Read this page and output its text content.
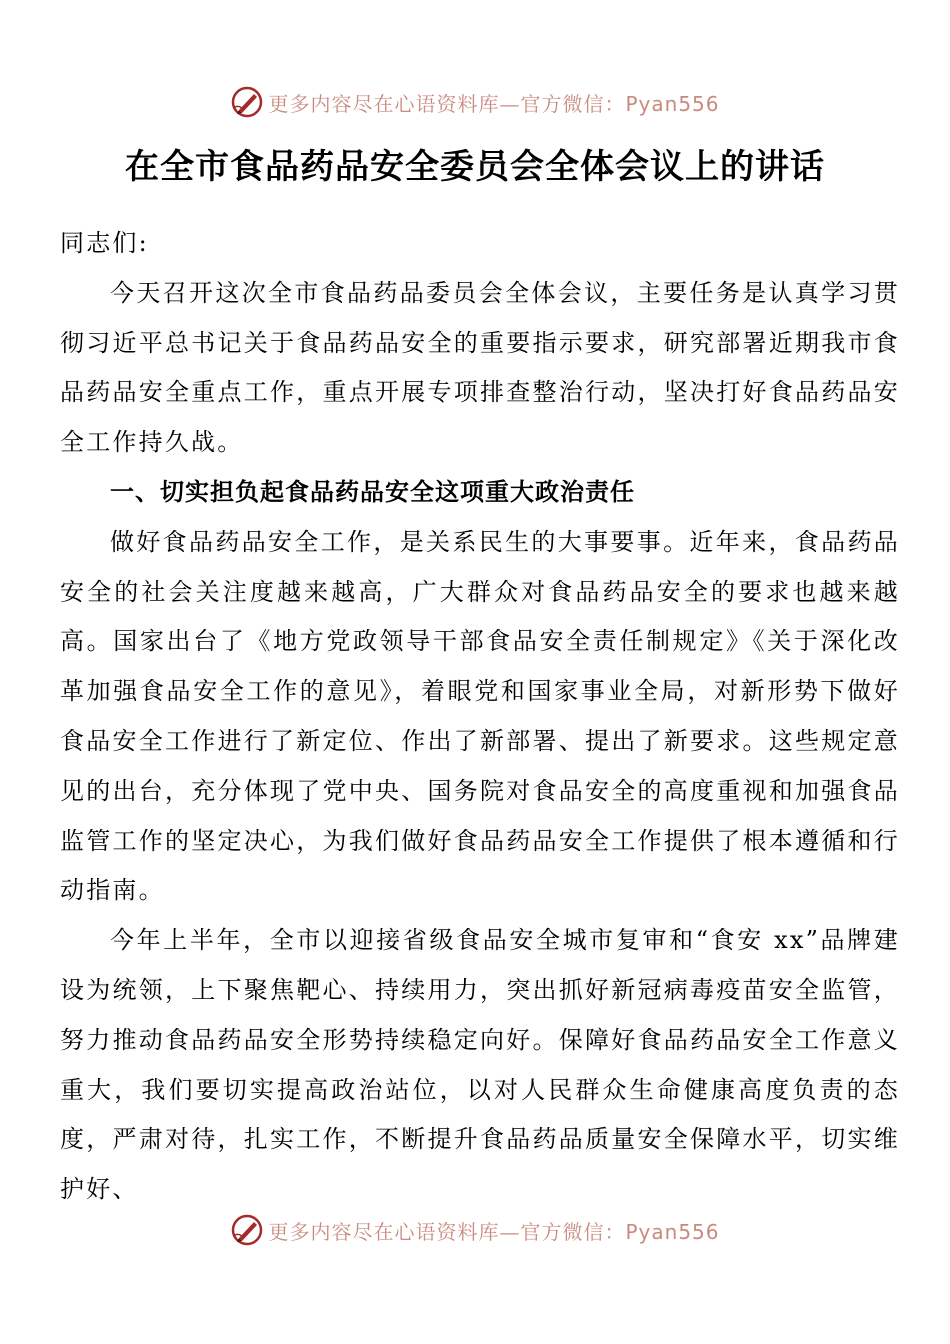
更多内容尽在心语资料库—官方微信：Pyan556
在全市食品药品安全委员会全体会议上的讲话

同志们:

今天召开这次全市食品药品委员会全体会议，主要任务是认真学习贯彻习近平总书记关于食品药品安全的重要指示要求，研究部署近期我市食品药品安全重点工作，重点开展专项排查整治行动，坚决打好食品药品安全工作持久战。

一、切实担负起食品药品安全这项重大政治责任

做好食品药品安全工作，是关系民生的大事要事。近年来，食品药品安全的社会关注度越来越高，广大群众对食品药品安全的要求也越来越高。国家出台了《地方党政领导干部食品安全责任制规定》《关于深化改革加强食品安全工作的意见》，着眼党和国家事业全局，对新形势下做好食品安全工作进行了新定位、作出了新部署、提出了新要求。这些规定意见的出台，充分体现了党中央、国务院对食品安全的高度重视和加强食品监管工作的坚定决心，为我们做好食品药品安全工作提供了根本遵循和行动指南。

今年上半年，全市以迎接省级食品安全城市复审和“食安 xx”品牌建设为统领，上下聚焦靶心、持续用力，突出抓好新冠病毒疫苗安全监管，努力推动食品药品安全形势持续稳定向好。保障好食品药品安全工作意义重大，我们要切实提高政治站位，以对人民群众生命健康高度负责的态度，严肃对待，扎实工作，不断提升食品药品质量安全保障水平，切实维护好、

更多内容尽在心语资料库—官方微信：Pyan556
